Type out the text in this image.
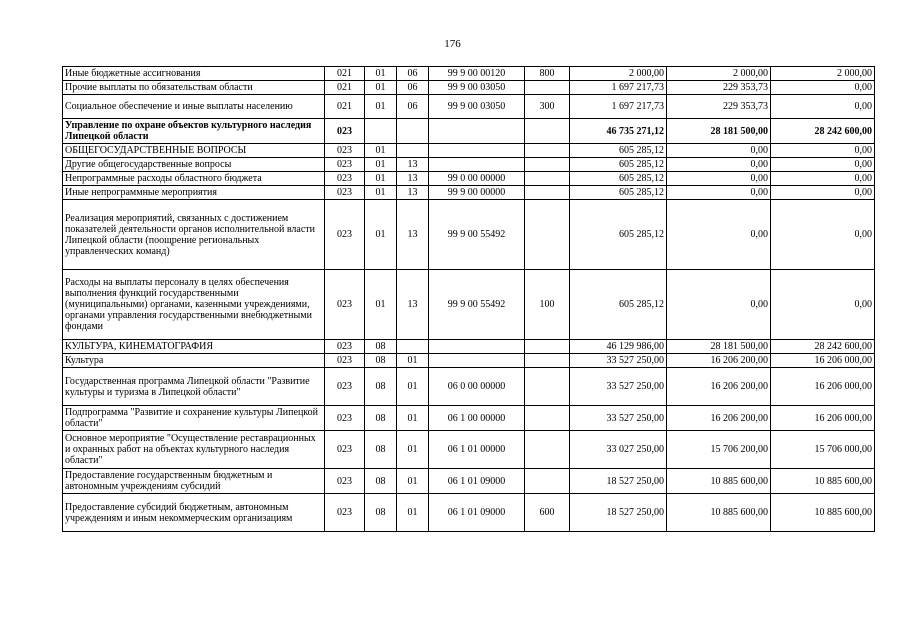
176
Иные бюджетные ассигнования	021	01	06	99 9 00 00120	800	2 000,00	2 000,00	2 000,00
Прочие выплаты по обязательствам области	021	01	06	99 9 00 03050		1 697 217,73	229 353,73	0,00
Социальное обеспечение и иные выплаты населению	021	01	06	99 9 00 03050	300	1 697 217,73	229 353,73	0,00
Управление по охране объектов культурного наследия Липецкой области	023					46 735 271,12	28 181 500,00	28 242 600,00
ОБЩЕГОСУДАРСТВЕННЫЕ ВОПРОСЫ	023	01				605 285,12	0,00	0,00
Другие общегосударственные вопросы	023	01	13			605 285,12	0,00	0,00
Непрограммные расходы областного бюджета	023	01	13	99 0 00 00000		605 285,12	0,00	0,00
Иные непрограммные мероприятия	023	01	13	99 9 00 00000		605 285,12	0,00	0,00
Реализация мероприятий, связанных с достижением показателей деятельности органов исполнительной власти Липецкой области (поощрение региональных управленческих команд)	023	01	13	99 9 00 55492		605 285,12	0,00	0,00
Расходы на выплаты персоналу в целях обеспечения выполнения функций государственными (муниципальными) органами, казенными учреждениями, органами управления государственными внебюджетными фондами	023	01	13	99 9 00 55492	100	605 285,12	0,00	0,00
КУЛЬТУРА, КИНЕМАТОГРАФИЯ	023	08				46 129 986,00	28 181 500,00	28 242 600,00
Культура	023	08	01			33 527 250,00	16 206 200,00	16 206 000,00
Государственная программа Липецкой области "Развитие культуры и туризма в Липецкой области"	023	08	01	06 0 00 00000		33 527 250,00	16 206 200,00	16 206 000,00
Подпрограмма "Развитие и сохранение культуры Липецкой области"	023	08	01	06 1 00 00000		33 527 250,00	16 206 200,00	16 206 000,00
Основное мероприятие "Осуществление реставрационных и охранных работ на объектах культурного наследия области"	023	08	01	06 1 01 00000		33 027 250,00	15 706 200,00	15 706 000,00
Предоставление государственным бюджетным и автономным учреждениям субсидий	023	08	01	06 1 01 09000		18 527 250,00	10 885 600,00	10 885 600,00
Предоставление субсидий бюджетным, автономным учреждениям и иным некоммерческим организациям	023	08	01	06 1 01 09000	600	18 527 250,00	10 885 600,00	10 885 600,00
